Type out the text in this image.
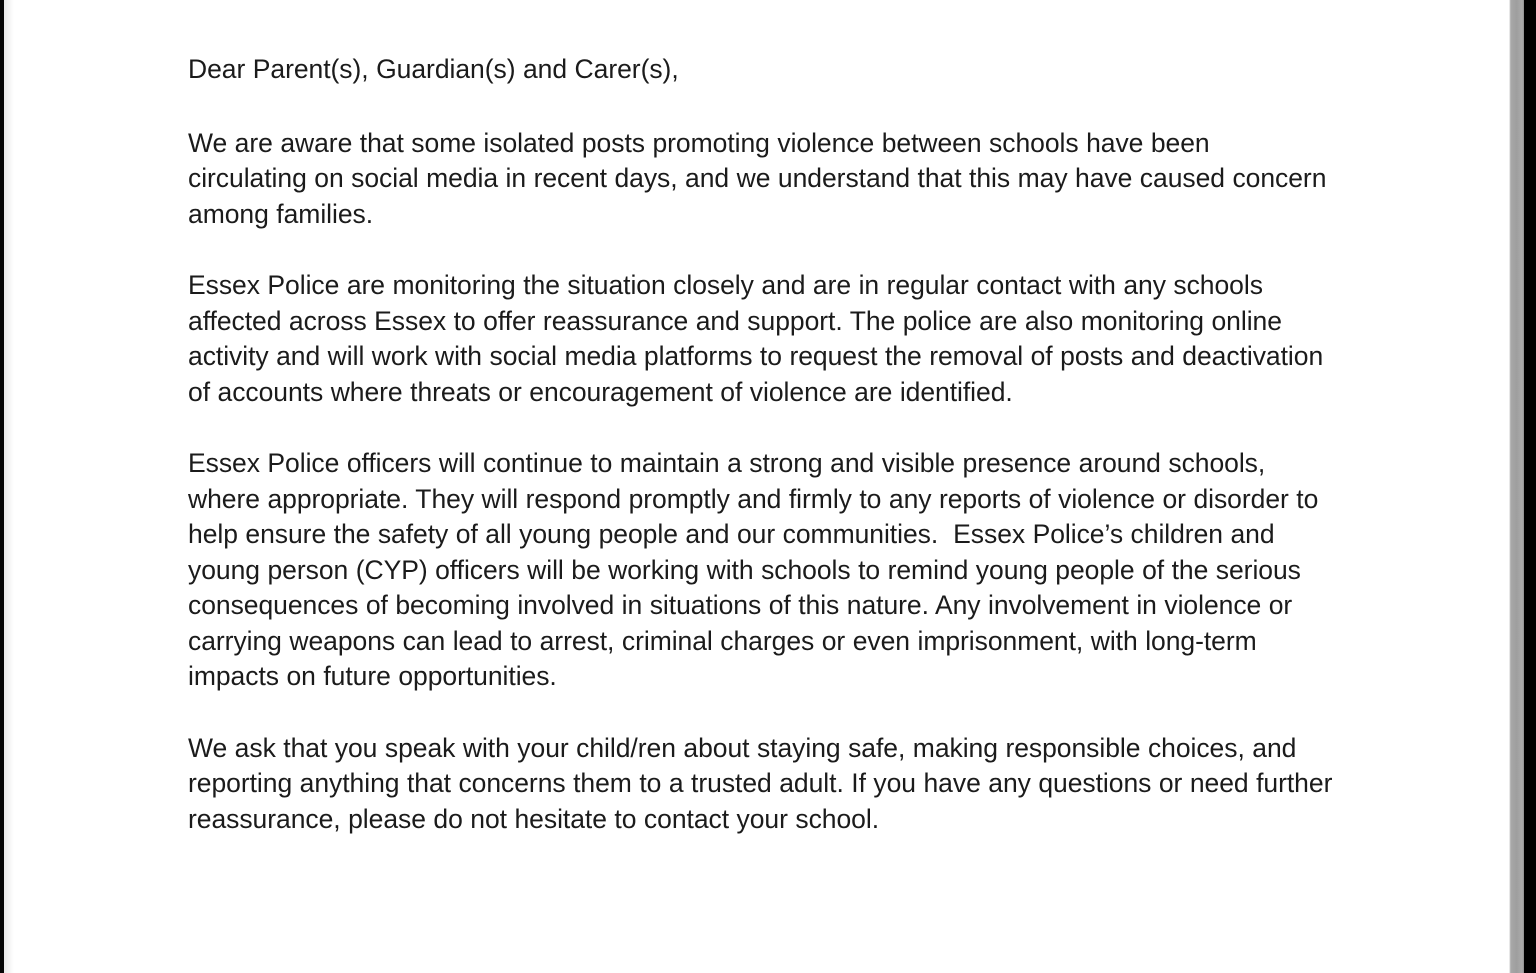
Dear Parent(s), Guardian(s) and Carer(s),

We are aware that some isolated posts promoting violence between schools have been circulating on social media in recent days, and we understand that this may have caused concern among families.

Essex Police are monitoring the situation closely and are in regular contact with any schools affected across Essex to offer reassurance and support. The police are also monitoring online activity and will work with social media platforms to request the removal of posts and deactivation of accounts where threats or encouragement of violence are identified.

Essex Police officers will continue to maintain a strong and visible presence around schools, where appropriate. They will respond promptly and firmly to any reports of violence or disorder to help ensure the safety of all young people and our communities.  Essex Police’s children and young person (CYP) officers will be working with schools to remind young people of the serious consequences of becoming involved in situations of this nature. Any involvement in violence or carrying weapons can lead to arrest, criminal charges or even imprisonment, with long-term impacts on future opportunities.

We ask that you speak with your child/ren about staying safe, making responsible choices, and reporting anything that concerns them to a trusted adult. If you have any questions or need further reassurance, please do not hesitate to contact your school.
